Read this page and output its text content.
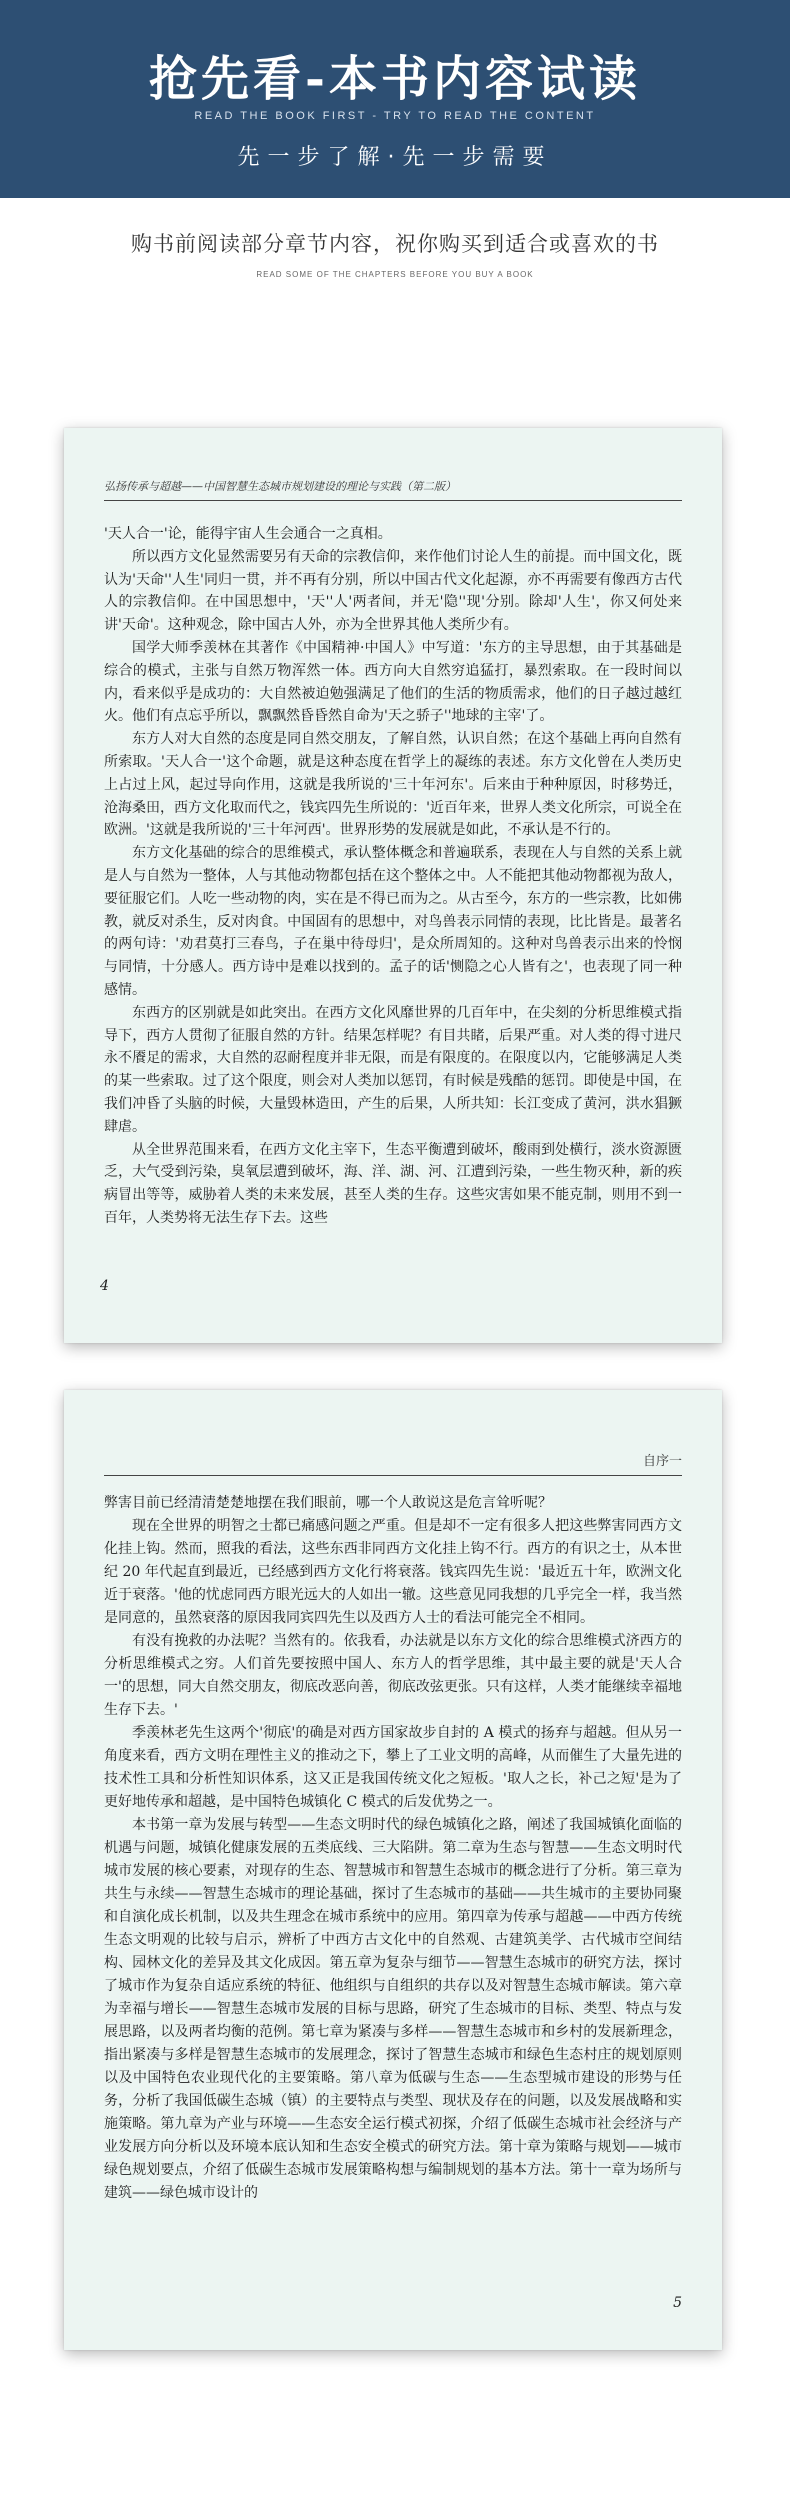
抢先看-本书内容试读
READ THE BOOK FIRST - TRY TO READ THE CONTENT
先一步了解·先一步需要
购书前阅读部分章节内容，祝你购买到适合或喜欢的书
READ SOME OF THE CHAPTERS BEFORE YOU BUY A BOOK
弘扬传承与超越——中国智慧生态城市规划建设的理论与实践（第二版）

'天人合一'论，能得宇宙人生会通合一之真相。

所以西方文化显然需要另有天命的宗教信仰，来作他们讨论人生的前提。而中国文化，既认为'天命''人生'同归一贯，并不再有分别，所以中国古代文化起源，亦不再需要有像西方古代人的宗教信仰。在中国思想中，'天''人'两者间，并无'隐''现'分别。除却'人生'，你又何处来讲'天命'。这种观念，除中国古人外，亦为全世界其他人类所少有。

国学大师季羡林在其著作《中国精神·中国人》中写道：'东方的主导思想，由于其基础是综合的模式，主张与自然万物浑然一体。西方向大自然穷追猛打，暴烈索取。在一段时间以内，看来似乎是成功的：大自然被迫勉强满足了他们的生活的物质需求，他们的日子越过越红火。他们有点忘乎所以，飘飘然昏昏然自命为'天之骄子''地球的主宰'了。

东方人对大自然的态度是同自然交朋友，了解自然，认识自然；在这个基础上再向自然有所索取。'天人合一'这个命题，就是这种态度在哲学上的凝练的表述。东方文化曾在人类历史上占过上风，起过导向作用，这就是我所说的'三十年河东'。后来由于种种原因，时移势迁，沧海桑田，西方文化取而代之，钱宾四先生所说的：'近百年来，世界人类文化所宗，可说全在欧洲。'这就是我所说的'三十年河西'。世界形势的发展就是如此，不承认是不行的。

东方文化基础的综合的思维模式，承认整体概念和普遍联系，表现在人与自然的关系上就是人与自然为一整体，人与其他动物都包括在这个整体之中。人不能把其他动物都视为敌人，要征服它们。人吃一些动物的肉，实在是不得已而为之。从古至今，东方的一些宗教，比如佛教，就反对杀生，反对肉食。中国固有的思想中，对鸟兽表示同情的表现，比比皆是。最著名的两句诗：'劝君莫打三春鸟，子在巢中待母归'，是众所周知的。这种对鸟兽表示出来的怜悯与同情，十分感人。西方诗中是难以找到的。孟子的话'恻隐之心人皆有之'，也表现了同一种感情。

东西方的区别就是如此突出。在西方文化风靡世界的几百年中，在尖刻的分析思维模式指导下，西方人贯彻了征服自然的方针。结果怎样呢？有目共睹，后果严重。对人类的得寸进尺永不餍足的需求，大自然的忍耐程度并非无限，而是有限度的。在限度以内，它能够满足人类的某一些索取。过了这个限度，则会对人类加以惩罚，有时候是残酷的惩罚。即使是中国，在我们冲昏了头脑的时候，大量毁林造田，产生的后果，人所共知：长江变成了黄河，洪水猖獗肆虐。

从全世界范围来看，在西方文化主宰下，生态平衡遭到破坏，酸雨到处横行，淡水资源匮乏，大气受到污染，臭氧层遭到破坏，海、洋、湖、河、江遭到污染，一些生物灭种，新的疾病冒出等等，威胁着人类的未来发展，甚至人类的生存。这些灾害如果不能克制，则用不到一百年，人类势将无法生存下去。这些

4
自序一

弊害目前已经清清楚楚地摆在我们眼前，哪一个人敢说这是危言耸听呢？

现在全世界的明智之士都已痛感问题之严重。但是却不一定有很多人把这些弊害同西方文化挂上钩。然而，照我的看法，这些东西非同西方文化挂上钩不行。西方的有识之士，从本世纪 20 年代起直到最近，已经感到西方文化行将衰落。钱宾四先生说：'最近五十年，欧洲文化近于衰落。'他的忧虑同西方眼光远大的人如出一辙。这些意见同我想的几乎完全一样，我当然是同意的，虽然衰落的原因我同宾四先生以及西方人士的看法可能完全不相同。

有没有挽救的办法呢？当然有的。依我看，办法就是以东方文化的综合思维模式济西方的分析思维模式之穷。人们首先要按照中国人、东方人的哲学思维，其中最主要的就是'天人合一'的思想，同大自然交朋友，彻底改恶向善，彻底改弦更张。只有这样，人类才能继续幸福地生存下去。'

季羡林老先生这两个'彻底'的确是对西方国家故步自封的 A 模式的扬弃与超越。但从另一角度来看，西方文明在理性主义的推动之下，攀上了工业文明的高峰，从而催生了大量先进的技术性工具和分析性知识体系，这又正是我国传统文化之短板。'取人之长，补己之短'是为了更好地传承和超越，是中国特色城镇化 C 模式的后发优势之一。

本书第一章为发展与转型——生态文明时代的绿色城镇化之路，阐述了我国城镇化面临的机遇与问题，城镇化健康发展的五类底线、三大陷阱。第二章为生态与智慧——生态文明时代城市发展的核心要素，对现存的生态、智慧城市和智慧生态城市的概念进行了分析。第三章为共生与永续——智慧生态城市的理论基础，探讨了生态城市的基础——共生城市的主要协同聚和自演化成长机制，以及共生理念在城市系统中的应用。第四章为传承与超越——中西方传统生态文明观的比较与启示，辨析了中西方古文化中的自然观、古建筑美学、古代城市空间结构、园林文化的差异及其文化成因。第五章为复杂与细节——智慧生态城市的研究方法，探讨了城市作为复杂自适应系统的特征、他组织与自组织的共存以及对智慧生态城市解读。第六章为幸福与增长——智慧生态城市发展的目标与思路，研究了生态城市的目标、类型、特点与发展思路，以及两者均衡的范例。第七章为紧凑与多样——智慧生态城市和乡村的发展新理念，指出紧凑与多样是智慧生态城市的发展理念，探讨了智慧生态城市和绿色生态村庄的规划原则以及中国特色农业现代化的主要策略。第八章为低碳与生态——生态型城市建设的形势与任务，分析了我国低碳生态城（镇）的主要特点与类型、现状及存在的问题，以及发展战略和实施策略。第九章为产业与环境——生态安全运行模式初探，介绍了低碳生态城市社会经济与产业发展方向分析以及环境本底认知和生态安全模式的研究方法。第十章为策略与规划——城市绿色规划要点，介绍了低碳生态城市发展策略构想与编制规划的基本方法。第十一章为场所与建筑——绿色城市设计的

5
